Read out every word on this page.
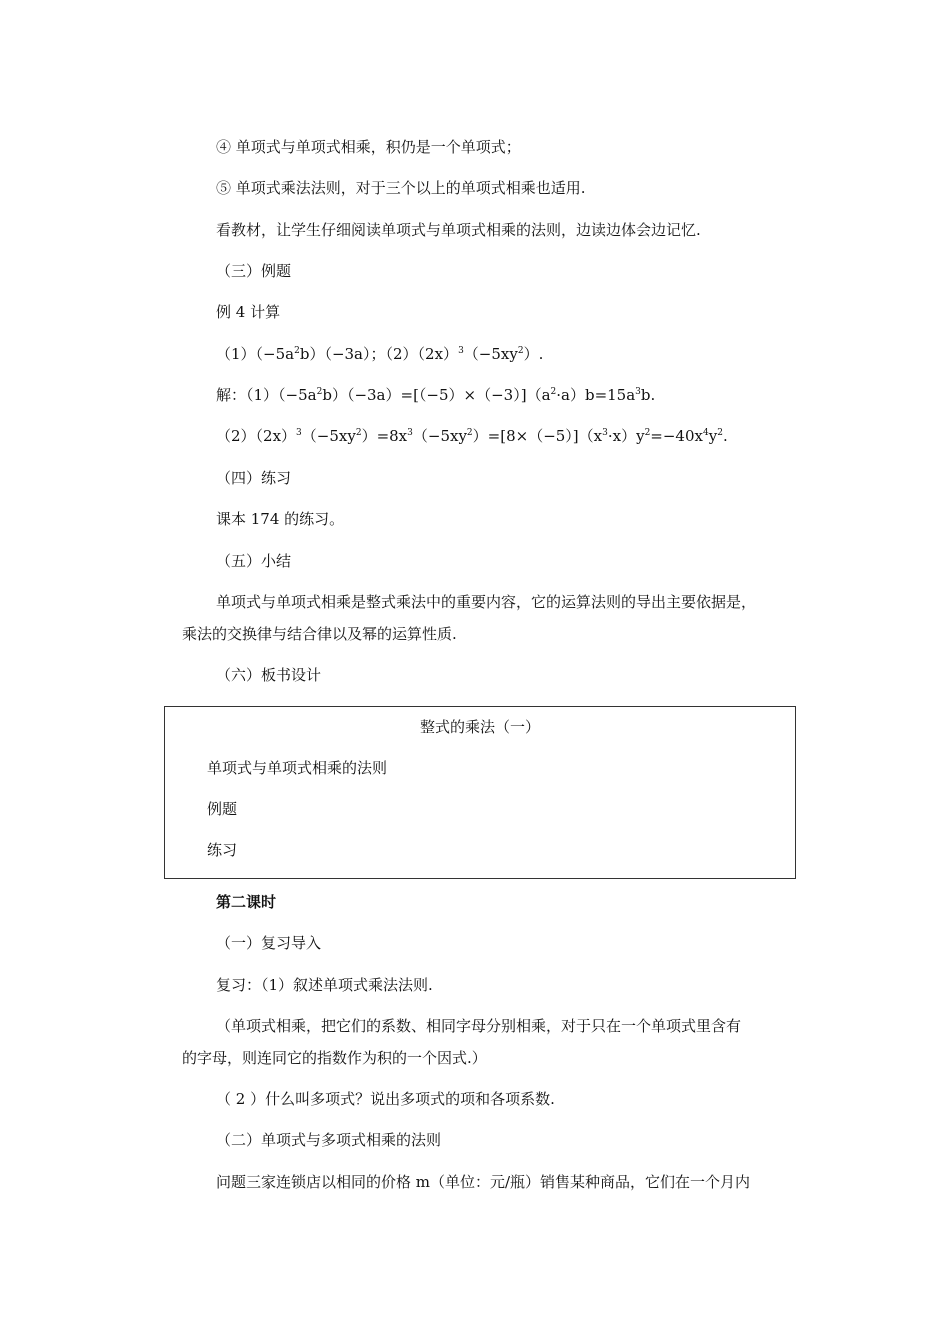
④ 单项式与单项式相乘，积仍是一个单项式；
⑤ 单项式乘法法则，对于三个以上的单项式相乘也适用.
看教材，让学生仔细阅读单项式与单项式相乘的法则，边读边体会边记忆.
（三）例题
例 4 计算
$(1)(-5a^2b)(-3a)$；$(2)(2x)^3(-5xy^2)$.
解：$(1)(-5a^2b)(-3a)=[(-5)\times(-3)](a^2\cdot a)b=15a^3b$.
$(2)(2x)^3(-5xy^2)=8x^3(-5xy^2)=[8\times(-5)](x^3\cdot x)y^2=-40x^4y^2$.
（四）练习
课本 174 的练习。
（五）小结
单项式与单项式相乘是整式乘法中的重要内容，它的运算法则的导出主要依据是，
乘法的交换律与结合律以及幂的运算性质.
（六）板书设计
整式的乘法（一）
单项式与单项式相乘的法则
例题
练习
第二课时
（一）复习导入
复习：（1）叙述单项式乘法法则.
（单项式相乘，把它们的系数、相同字母分别相乘，对于只在一个单项式里含有
的字母，则连同它的指数作为积的一个因式.）
（ 2 ）什么叫多项式？说出多项式的项和各项系数.
（二）单项式与多项式相乘的法则
问题三家连锁店以相同的价格 m（单位：元/瓶）销售某种商品，它们在一个月内
